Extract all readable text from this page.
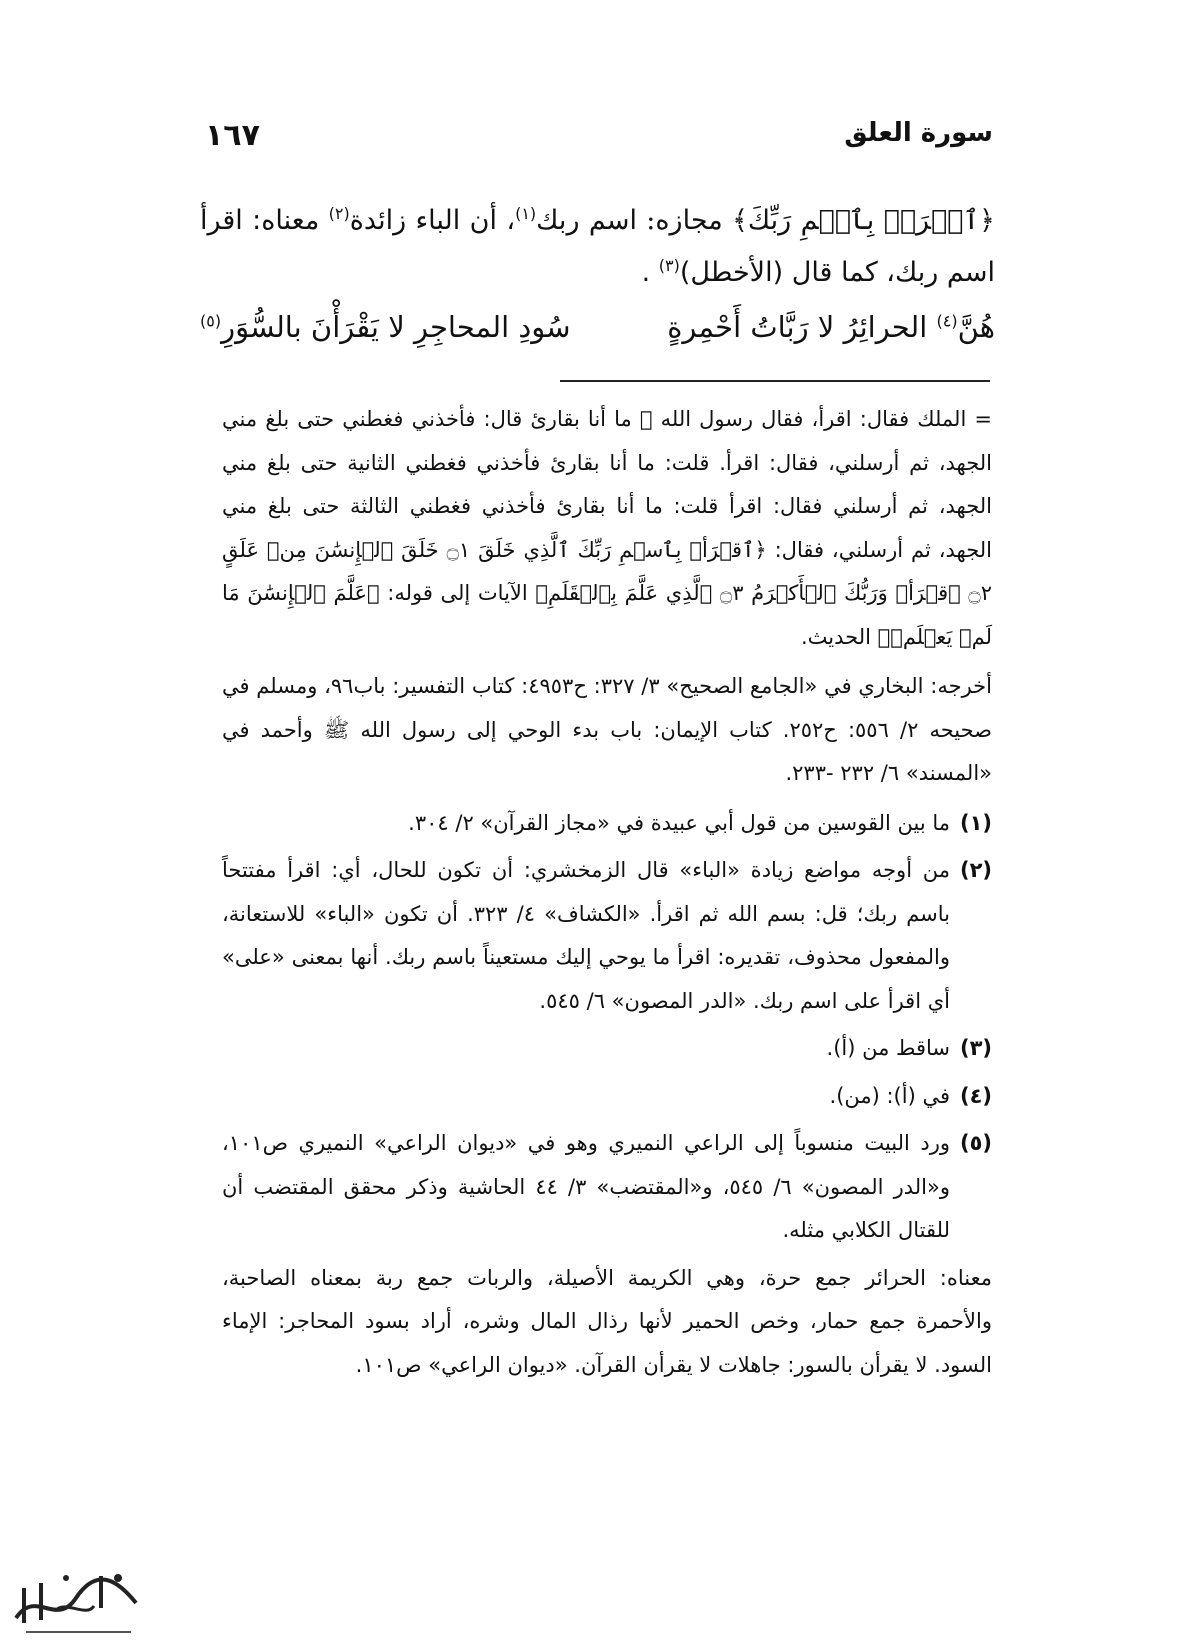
سورة العلق
١٦٧

﴿ٱقۡرَأۡ بِٱسۡمِ رَبِّكَ﴾ مجازه: اسم ربك$^{(١)}$، أن الباء زائدة$^{(٢)}$ معناه: اقرأ اسم ربك، كما قال (الأخطل)$^{(٣)}$ .

هُنَّ$^{(٤)}$ الحرائِرُ لا رَبَّاتُ أَحْمِرةٍ
سُودِ المحاجِرِ لا يَقْرَأْنَ بالسُّوَرِ$^{(٥)}$

= الملك فقال: اقرأ، فقال رسول الله ﷺ ما أنا بقارئ قال: فأخذني فغطني حتى بلغ مني الجهد، ثم أرسلني، فقال: اقرأ. قلت: ما أنا بقارئ فأخذني فغطني الثانية حتى بلغ مني الجهد، ثم أرسلني فقال: اقرأ قلت: ما أنا بقارئ فأخذني فغطني الثالثة حتى بلغ مني الجهد، ثم أرسلني، فقال: ﴿ٱقۡرَأۡ بِٱسۡمِ رَبِّكَ ٱلَّذِي خَلَقَ ۝١ خَلَقَ ٱلۡإِنسَٰنَ مِنۡ عَلَقٍ ۝٢ ٱقۡرَأۡ وَرَبُّكَ ٱلۡأَكۡرَمُ ۝٣ ٱلَّذِي عَلَّمَ بِٱلۡقَلَمِ﴾ الآيات إلى قوله: ﴿عَلَّمَ ٱلۡإِنسَٰنَ مَا لَمۡ يَعۡلَمۡ﴾ الحديث.

أخرجه: البخاري في «الجامع الصحيح» ٣/ ٣٢٧: ح٤٩٥٣: كتاب التفسير: باب٩٦، ومسلم في صحيحه ٢/ ٥٥٦: ح٢٥٢. كتاب الإيمان: باب بدء الوحي إلى رسول الله ﷺ وأحمد في «المسند» ٦/ ٢٣٢ -٢٣٣.

(١)
ما بين القوسين من قول أبي عبيدة في «مجاز القرآن» ٢/ ٣٠٤.
(٢)
من أوجه مواضع زيادة «الباء» قال الزمخشري: أن تكون للحال، أي: اقرأ مفتتحاً باسم ربك؛ قل: بسم الله ثم اقرأ. «الكشاف» ٤/ ٣٢٣. أن تكون «الباء» للاستعانة، والمفعول محذوف، تقديره: اقرأ ما يوحي إليك مستعيناً باسم ربك. أنها بمعنى «على» أي اقرأ على اسم ربك. «الدر المصون» ٦/ ٥٤٥.
(٣)
ساقط من (أ).
(٤)
في (أ): (من).
(٥)
ورد البيت منسوباً إلى الراعي النميري وهو في «ديوان الراعي» النميري ص١٠١، و«الدر المصون» ٦/ ٥٤٥، و«المقتضب» ٣/ ٤٤ الحاشية وذكر محقق المقتضب أن للقتال الكلابي مثله.

معناه: الحرائر جمع حرة، وهي الكريمة الأصيلة، والربات جمع ربة بمعناه الصاحبة، والأحمرة جمع حمار، وخص الحمير لأنها رذال المال وشره، أراد بسود المحاجر: الإماء السود. لا يقرأن بالسور: جاهلات لا يقرأن القرآن. «ديوان الراعي» ص١٠١.
